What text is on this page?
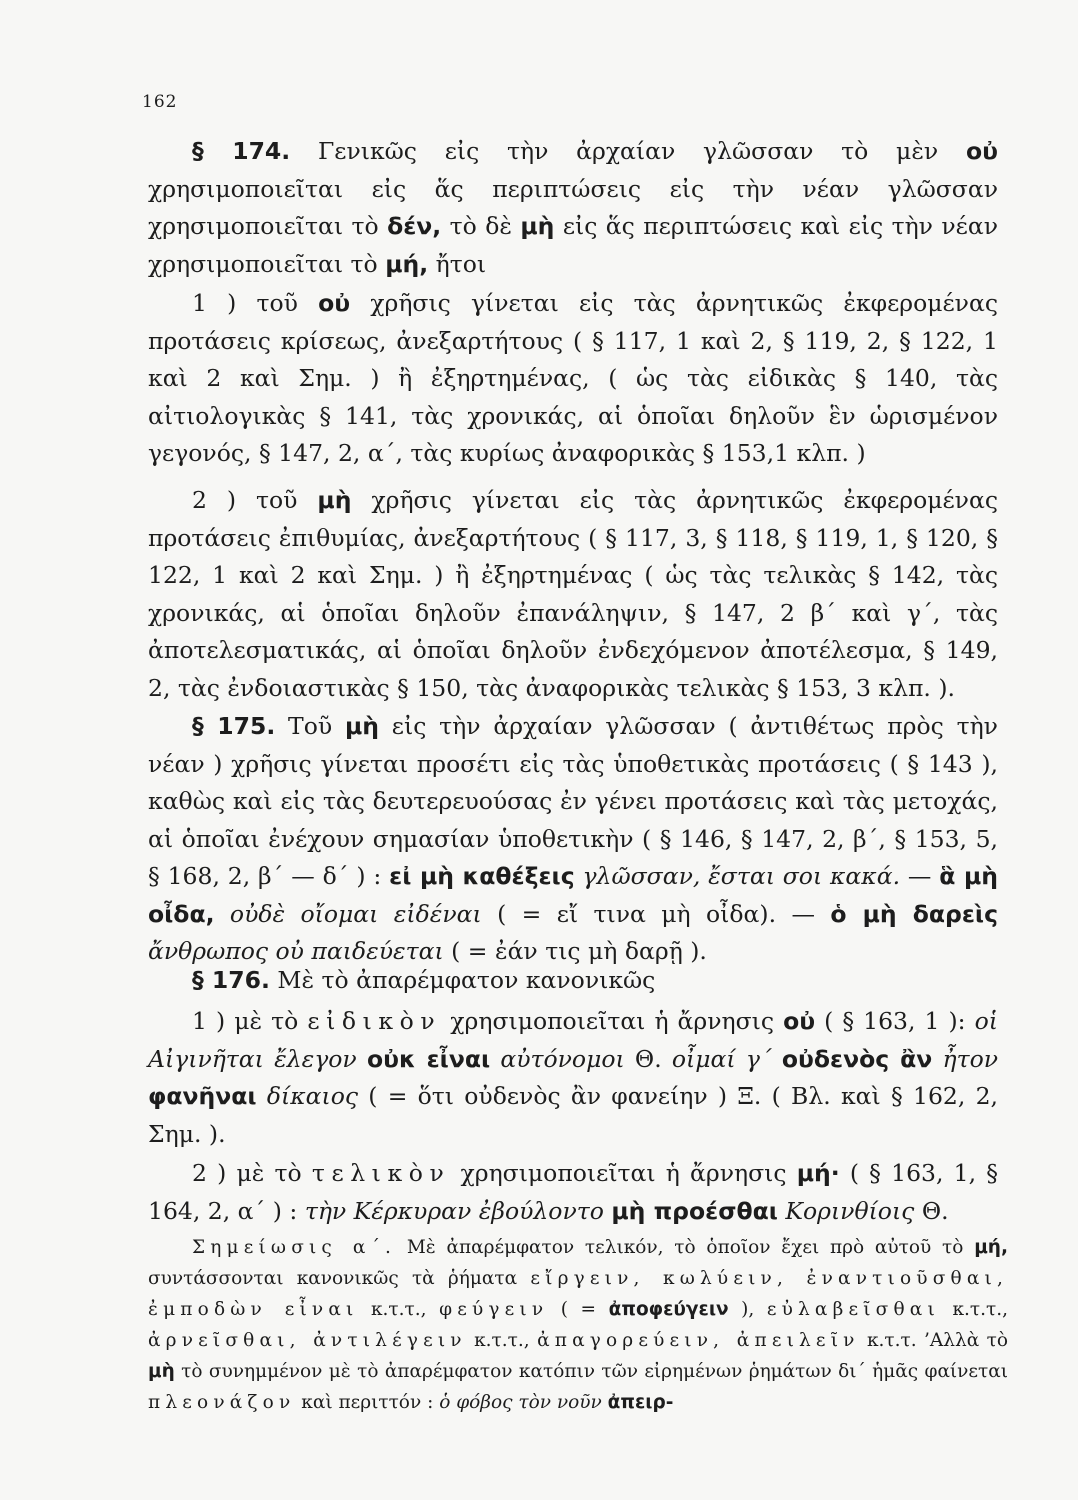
162

§ 174. Γενικῶς εἰς τὴν ἀρχαίαν γλῶσσαν τὸ μὲν οὐ χρησιμοποιεῖται εἰς ἅς περιπτώσεις εἰς τὴν νέαν γλῶσσαν χρησιμοποιεῖται τὸ δέν, τὸ δὲ μὴ εἰς ἅς περιπτώσεις καὶ εἰς τὴν νέαν χρησιμοποιεῖται τὸ μή, ἤτοι

1 ) τοῦ οὐ χρῆσις γίνεται εἰς τὰς ἀρνητικῶς ἐκφερομένας προτάσεις κρίσεως, ἀνεξαρτήτους ( § 117, 1 καὶ 2, § 119, 2, § 122, 1 καὶ 2 καὶ Σημ. ) ἢ ἐξηρτημένας, ( ὡς τὰς εἰδικὰς § 140, τὰς αἰτιολογικὰς § 141, τὰς χρονικάς, αἱ ὁποῖαι δηλοῦν ἓν ὡρισμένον γεγονός, § 147, 2, α΄, τὰς κυρίως ἀναφορικὰς § 153,1 κλπ. )

2 ) τοῦ μὴ χρῆσις γίνεται εἰς τὰς ἀρνητικῶς ἐκφερομένας προτάσεις ἐπιθυμίας, ἀνεξαρτήτους ( § 117, 3, § 118, § 119, 1, § 120, § 122, 1 καὶ 2 καὶ Σημ. ) ἢ ἐξηρτημένας ( ὡς τὰς τελικὰς § 142, τὰς χρονικάς, αἱ ὁποῖαι δηλοῦν ἐπανάληψιν, § 147, 2 β΄ καὶ γ΄, τὰς ἀποτελεσματικάς, αἱ ὁποῖαι δηλοῦν ἐνδεχόμενον ἀποτέλεσμα, § 149, 2, τὰς ἐνδοιαστικὰς § 150, τὰς ἀναφορικὰς τελικὰς § 153, 3 κλπ. ).

§ 175. Τοῦ μὴ εἰς τὴν ἀρχαίαν γλῶσσαν ( ἀντιθέτως πρὸς τὴν νέαν ) χρῆσις γίνεται προσέτι εἰς τὰς ὑποθετικὰς προτάσεις ( § 143 ), καθὼς καὶ εἰς τὰς δευτερευούσας ἐν γένει προτάσεις καὶ τὰς μετοχάς, αἱ ὁποῖαι ἐνέχουν σημασίαν ὑποθετικὴν ( § 146, § 147, 2, β΄, § 153, 5, § 168, 2, β΄ — δ΄ ) : εἰ μὴ καθέξεις γλῶσσαν, ἔσται σοι κακά. — ἃ μὴ οἶδα, οὐδὲ οἴομαι εἰδέναι ( = εἴ τινα μὴ οἶδα). — ὁ μὴ δαρεὶς ἄνθρωπος οὐ παιδεύεται ( = ἐάν τις μὴ δαρῇ ).

§ 176. Μὲ τὸ ἀπαρέμφατον κανονικῶς

1 ) μὲ τὸ εἰδικὸν χρησιμοποιεῖται ἡ ἄρνησις οὐ ( § 163, 1 ): οἱ Αἰγινῆται ἔλεγον οὐκ εἶναι αὐτόνομοι Θ. οἶμαί γ΄ οὐδενὸς ἂν ἦτον φανῆναι δίκαιος ( = ὅτι οὐδενὸς ἂν φανείην ) Ξ. ( Βλ. καὶ § 162, 2, Σημ. ).

2 ) μὲ τὸ τελικὸν χρησιμοποιεῖται ἡ ἄρνησις μή· ( § 163, 1, § 164, 2, α΄ ) : τὴν Κέρκυραν ἐβούλοντο μὴ προέσθαι Κορινθίοις Θ.

Σημείωσις α΄. Μὲ ἀπαρέμφατον τελικόν, τὸ ὁποῖον ἔχει πρὸ αὐτοῦ τὸ μή, συντάσσονται κανονικῶς τὰ ῥήματα εἴργειν, κωλύειν, ἐναντιοῦσθαι, ἐμποδὼν εἶναι κ.τ.τ., φεύγειν ( = ἀποφεύγειν ), εὐλαβεῖσθαι κ.τ.τ., ἀρνεῖσθαι, ἀντιλέγειν κ.τ.τ., ἀπαγορεύειν, ἀπειλεῖν κ.τ.τ. ’Αλλὰ τὸ μὴ τὸ συνημμένον μὲ τὸ ἀπαρέμφατον κατόπιν τῶν εἰρημένων ῥημάτων δι΄ ἡμᾶς φαίνεται πλεονάζον καὶ περιττόν : ὁ φόβος τὸν νοῦν ἀπειρ-
